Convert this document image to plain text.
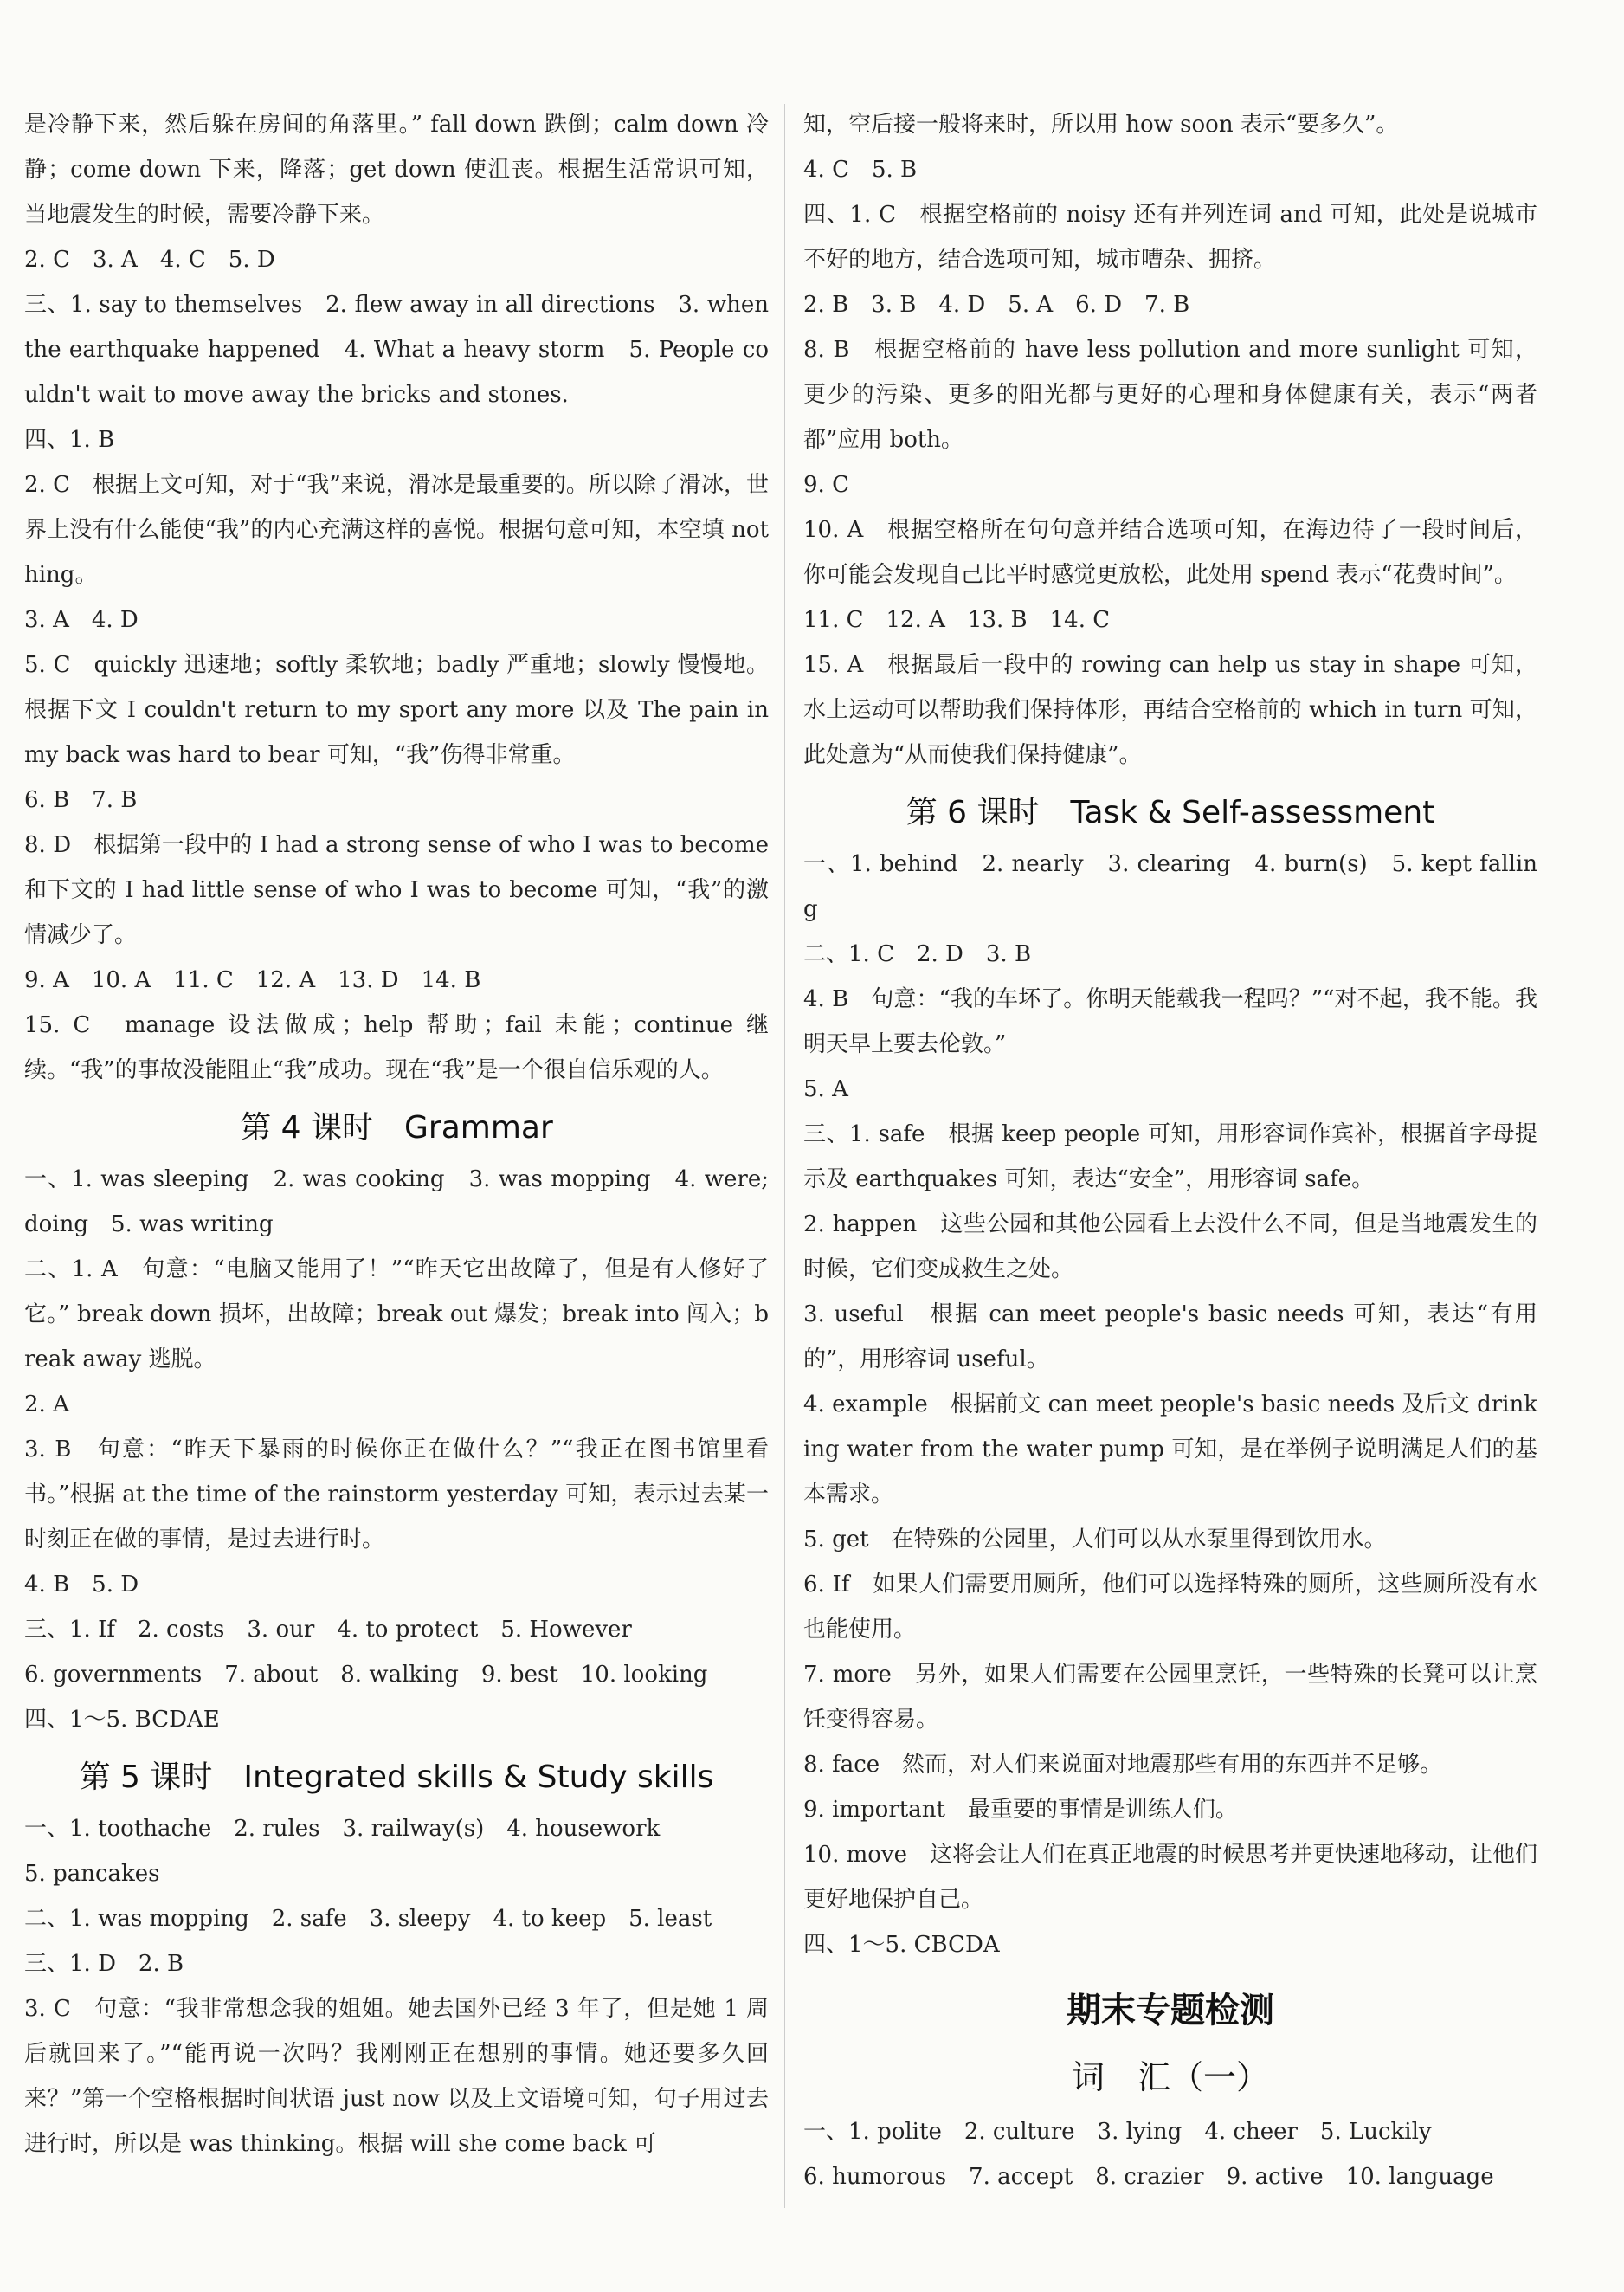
是冷静下来，然后躲在房间的角落里。” fall down 跌倒；calm down 冷静；come down 下来，降落；get down 使沮丧。根据生活常识可知，当地震发生的时候，需要冷静下来。
2. C　3. A　4. C　5. D
三、1. say to themselves　2. flew away in all directions　3. when the earthquake happened　4. What a heavy storm　5. People couldn't wait to move away the bricks and stones.
四、1. B
2. C　根据上文可知，对于“我”来说，滑冰是最重要的。所以除了滑冰，世界上没有什么能使“我”的内心充满这样的喜悦。根据句意可知，本空填 nothing。
3. A　4. D
5. C　quickly 迅速地；softly 柔软地；badly 严重地；slowly 慢慢地。根据下文 I couldn't return to my sport any more 以及 The pain in my back was hard to bear 可知，“我”伤得非常重。
6. B　7. B
8. D　根据第一段中的 I had a strong sense of who I was to become 和下文的 I had little sense of who I was to become 可知，“我”的激情减少了。
9. A　10. A　11. C　12. A　13. D　14. B
15. C　manage 设法做成；help 帮助；fail 未能；continue 继续。“我”的事故没能阻止“我”成功。现在“我”是一个很自信乐观的人。
第 4 课时　Grammar
一、1. was sleeping　2. was cooking　3. was mopping　4. were; doing　5. was writing
二、1. A　句意：“电脑又能用了！”“昨天它出故障了，但是有人修好了它。” break down 损坏，出故障；break out 爆发；break into 闯入；break away 逃脱。
2. A
3. B　句意：“昨天下暴雨的时候你正在做什么？”“我正在图书馆里看书。”根据 at the time of the rainstorm yesterday 可知，表示过去某一时刻正在做的事情，是过去进行时。
4. B　5. D
三、1. If　2. costs　3. our　4. to protect　5. However
6. governments　7. about　8. walking　9. best　10. looking
四、1～5. BCDAE
第 5 课时　Integrated skills & Study skills
一、1. toothache　2. rules　3. railway(s)　4. housework
5. pancakes
二、1. was mopping　2. safe　3. sleepy　4. to keep　5. least
三、1. D　2. B
3. C　句意：“我非常想念我的姐姐。她去国外已经 3 年了，但是她 1 周后就回来了。”“能再说一次吗？我刚刚正在想别的事情。她还要多久回来？”第一个空格根据时间状语 just now 以及上文语境可知，句子用过去进行时，所以是 was thinking。根据 will she come back 可
知，空后接一般将来时，所以用 how soon 表示“要多久”。
4. C　5. B
四、1. C　根据空格前的 noisy 还有并列连词 and 可知，此处是说城市不好的地方，结合选项可知，城市嘈杂、拥挤。
2. B　3. B　4. D　5. A　6. D　7. B
8. B　根据空格前的 have less pollution and more sunlight 可知，更少的污染、更多的阳光都与更好的心理和身体健康有关，表示“两者都”应用 both。
9. C
10. A　根据空格所在句句意并结合选项可知，在海边待了一段时间后，你可能会发现自己比平时感觉更放松，此处用 spend 表示“花费时间”。
11. C　12. A　13. B　14. C
15. A　根据最后一段中的 rowing can help us stay in shape 可知，水上运动可以帮助我们保持体形，再结合空格前的 which in turn 可知，此处意为“从而使我们保持健康”。
第 6 课时　Task & Self-assessment
一、1. behind　2. nearly　3. clearing　4. burn(s)　5. kept falling
二、1. C　2. D　3. B
4. B　句意：“我的车坏了。你明天能载我一程吗？”“对不起，我不能。我明天早上要去伦敦。”
5. A
三、1. safe　根据 keep people 可知，用形容词作宾补，根据首字母提示及 earthquakes 可知，表达“安全”，用形容词 safe。
2. happen　这些公园和其他公园看上去没什么不同，但是当地震发生的时候，它们变成救生之处。
3. useful　根据 can meet people's basic needs 可知，表达“有用的”，用形容词 useful。
4. example　根据前文 can meet people's basic needs 及后文 drinking water from the water pump 可知，是在举例子说明满足人们的基本需求。
5. get　在特殊的公园里，人们可以从水泵里得到饮用水。
6. If　如果人们需要用厕所，他们可以选择特殊的厕所，这些厕所没有水也能使用。
7. more　另外，如果人们需要在公园里烹饪，一些特殊的长凳可以让烹饪变得容易。
8. face　然而，对人们来说面对地震那些有用的东西并不足够。
9. important　最重要的事情是训练人们。
10. move　这将会让人们在真正地震的时候思考并更快速地移动，让他们更好地保护自己。
四、1～5. CBCDA
期末专题检测
词　汇（一）
一、1. polite　2. culture　3. lying　4. cheer　5. Luckily
6. humorous　7. accept　8. crazier　9. active　10. language
